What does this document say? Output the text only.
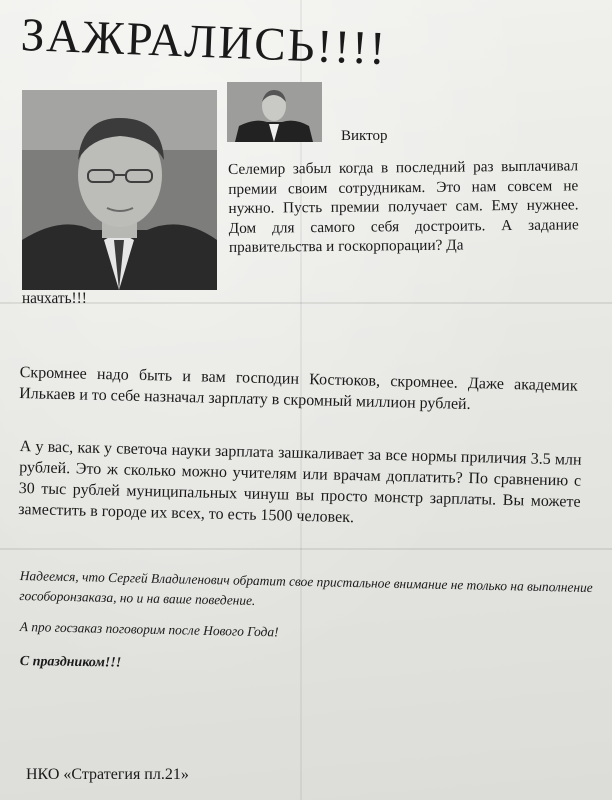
ЗАЖРАЛИСЬ!!!!
Виктор
Селемир забыл когда в последний раз выплачивал премии своим сотрудникам. Это нам совсем не нужно. Пусть премии получает сам. Ему нужнее. Дом для самого себя достроить. А задание правительства и госкорпорации? Да
начхать!!!
Скромнее надо быть и вам господин Костюков, скромнее. Даже академик Илькаев и то себе назначал зарплату в скромный миллион рублей.
А у вас, как у светоча науки зарплата зашкаливает за все нормы приличия 3.5 млн рублей. Это ж сколько можно учителям или врачам доплатить? По сравнению с 30 тыс рублей муниципальных чинуш вы просто монстр зарплаты. Вы можете заместить в городе их всех, то есть 1500 человек.
Надеемся, что Сергей Владиленович обратит свое пристальное внимание не только на выполнение гособоронзаказа, но и на ваше поведение.
А про госзаказ поговорим после Нового Года!
С праздником!!!
НКО «Стратегия пл.21»
